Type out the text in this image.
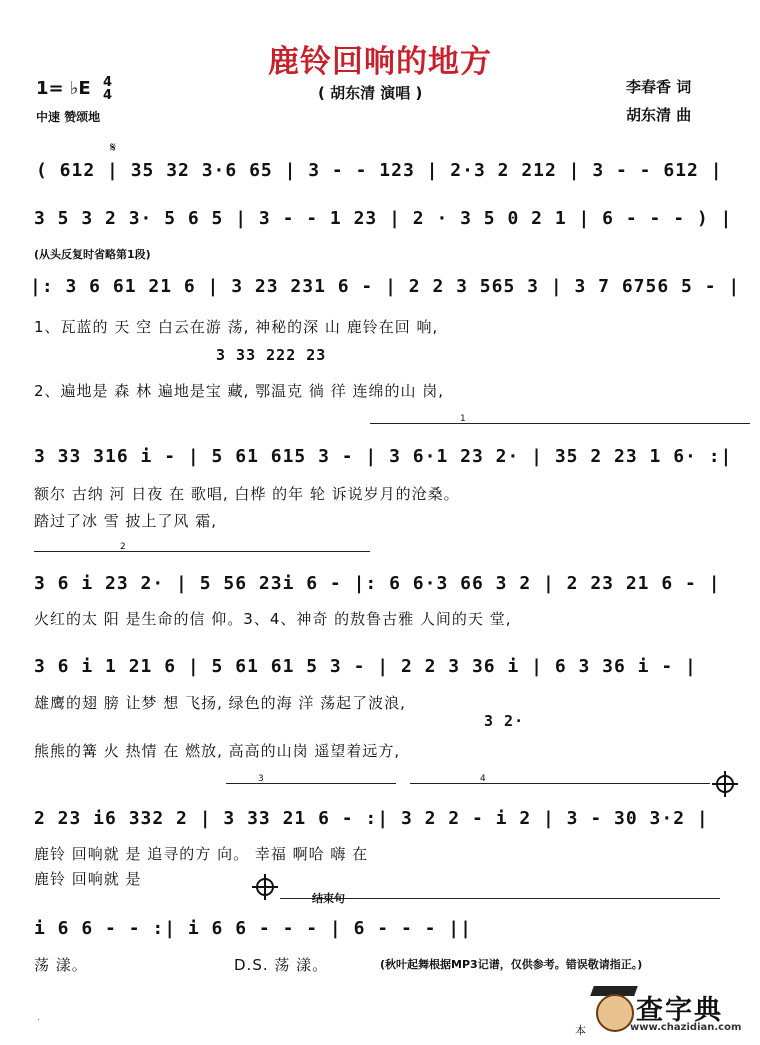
鹿铃回响的地方
1= ♭E 4
4
中速 赞颂地
( 胡东清 演唱 )	李春香 词
胡东清 曲
𝄋
( 612 | 35 32 3·6 65 | 3 - - 123 | 2·3 2 212 | 3 - - 612 |
3 5 3 2 3· 5 6 5 | 3 - - 1 23 | 2 · 3 5 0 2 1 | 6 - - - ) |
(从头反复时省略第1段)
|: 3 6 61 21 6 | 3 23 231 6 - | 2 2 3 565 3 | 3 7 6756 5 - |
1、瓦蓝的 天 空 白云在游 荡, 神秘的深 山 鹿铃在回 响,
3 33 222 23
2、遍地是 森 林 遍地是宝 藏, 鄂温克 徜 徉 连绵的山 岗,
1
3 33 316 i - | 5 61 615 3 - | 3 6·1 23 2· | 35 2 23 1 6· :|
额尔 古纳 河 日夜 在 歌唱, 白桦 的年 轮 诉说岁月的沧桑。
踏过了冰 雪 披上了风 霜,
2
3 6 i 23 2· | 5 56 23i 6 - |: 6 6·3 66 3 2 | 2 23 21 6 - |
火红的太 阳 是生命的信 仰。3、4、神奇 的敖鲁古雅 人间的天 堂,
3 6 i 1 21 6 | 5 61 61 5 3 - | 2 2 3 36 i | 6 3 36 i - |
雄鹰的翅 膀 让梦 想 飞扬, 绿色的海 洋 荡起了波浪,
3 2·
熊熊的篝 火 热情 在 燃放, 高高的山岗 遥望着远方,
3	4
2 23 i6 332 2 | 3 33 21 6 - :| 3 2 2 - i 2 | 3 - 30 3·2 |
鹿铃 回响就 是 追寻的方 向。 幸福 啊哈 嗨 在
鹿铃 回响就 是
结束句
i 6 6 - - :| i 6 6 - - - | 6 - - - ||
荡 漾。	D.S. 荡 漾。	(秋叶起舞根据MP3记谱，仅供参考。错误敬请指正。)
.
本
查字典
www.chazidian.com
